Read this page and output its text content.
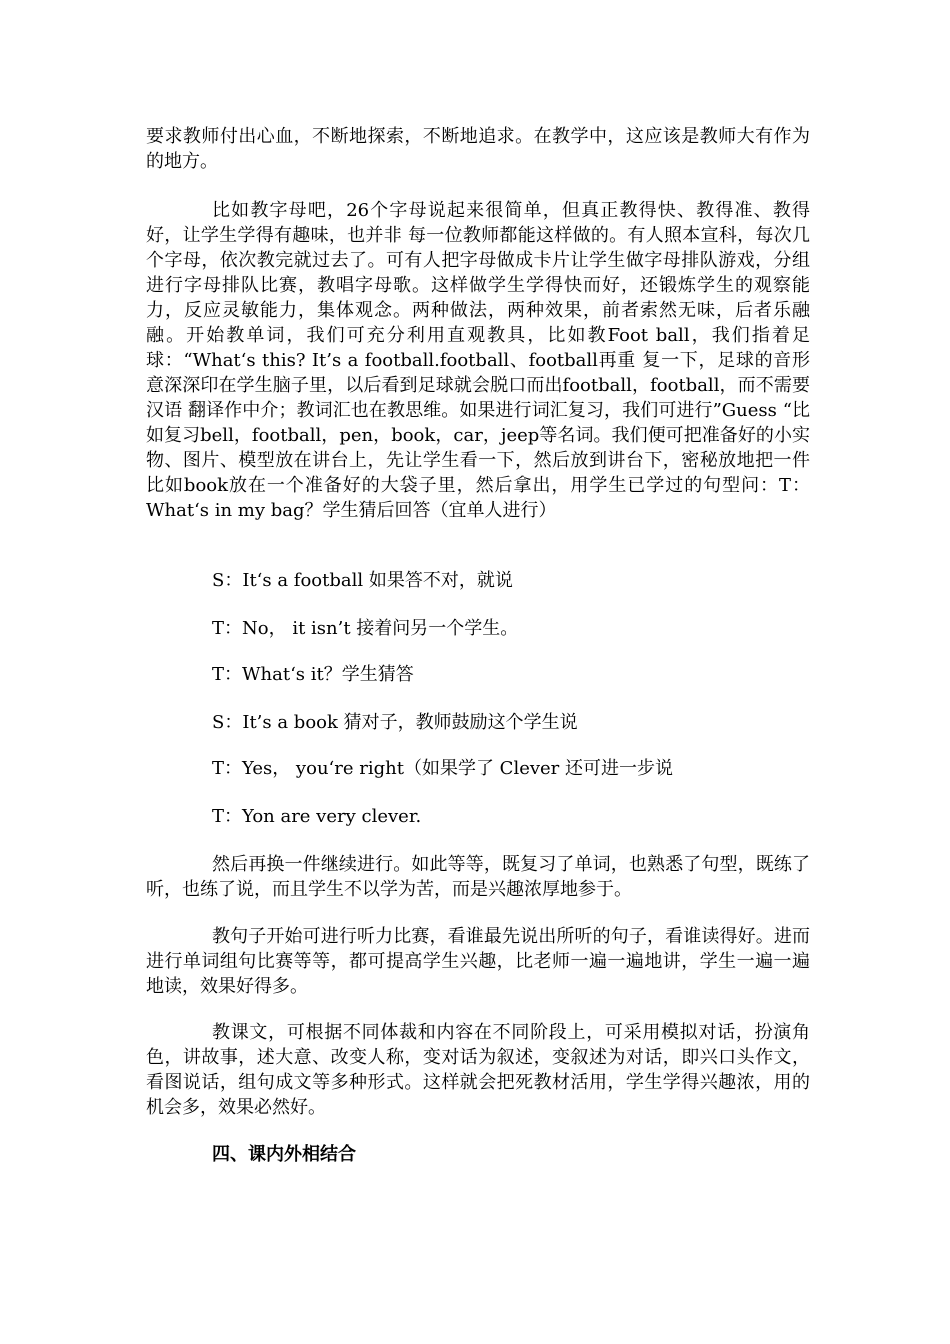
要求教师付出心血，不断地探索，不断地追求。在教学中，这应该是教师大有作为的地方。

比如教字母吧，26个字母说起来很简单，但真正教得快、教得准、教得好，让学生学得有趣味，也并非 每一位教师都能这样做的。有人照本宣科，每次几个字母，依次教完就过去了。可有人把字母做成卡片让学生做字母排队游戏，分组进行字母排队比赛，教唱字母歌。这样做学生学得快而好，还锻炼学生的观察能力，反应灵敏能力，集体观念。两种做法，两种效果，前者索然无味，后者乐融融。开始教单词，我们可充分利用直观教具，比如教Foot ball，我们指着足球：“What‘s this? It’s a football.football、football再重 复一下，足球的音形意深深印在学生脑子里，以后看到足球就会脱口而出football，football，而不需要汉语 翻译作中介；教词汇也在教思维。如果进行词汇复习，我们可进行”Guess “比如复习bell，football，pen，book，car，jeep等名词。我们便可把准备好的小实物、图片、模型放在讲台上，先让学生看一下，然后放到讲台下，密秘放地把一件比如book放在一个准备好的大袋子里，然后拿出，用学生已学过的句型问：T：What‘s in my bag？学生猜后回答（宜单人进行）

S：It‘s a football 如果答不对，就说

T：No， it isn’t 接着问另一个学生。

T：What‘s it？学生猜答

S：It’s a book 猜对子，教师鼓励这个学生说

T：Yes， you‘re right（如果学了 Clever 还可进一步说

T：Yon are very clever.

然后再换一件继续进行。如此等等，既复习了单词，也熟悉了句型，既练了听，也练了说，而且学生不以学为苦，而是兴趣浓厚地参于。

教句子开始可进行听力比赛，看谁最先说出所听的句子，看谁读得好。进而进行单词组句比赛等等，都可提高学生兴趣，比老师一遍一遍地讲，学生一遍一遍地读，效果好得多。

教课文，可根据不同体裁和内容在不同阶段上，可采用模拟对话，扮演角色，讲故事，述大意、改变人称，变对话为叙述，变叙述为对话，即兴口头作文，看图说话，组句成文等多种形式。这样就会把死教材活用，学生学得兴趣浓，用的机会多，效果必然好。

四、课内外相结合
